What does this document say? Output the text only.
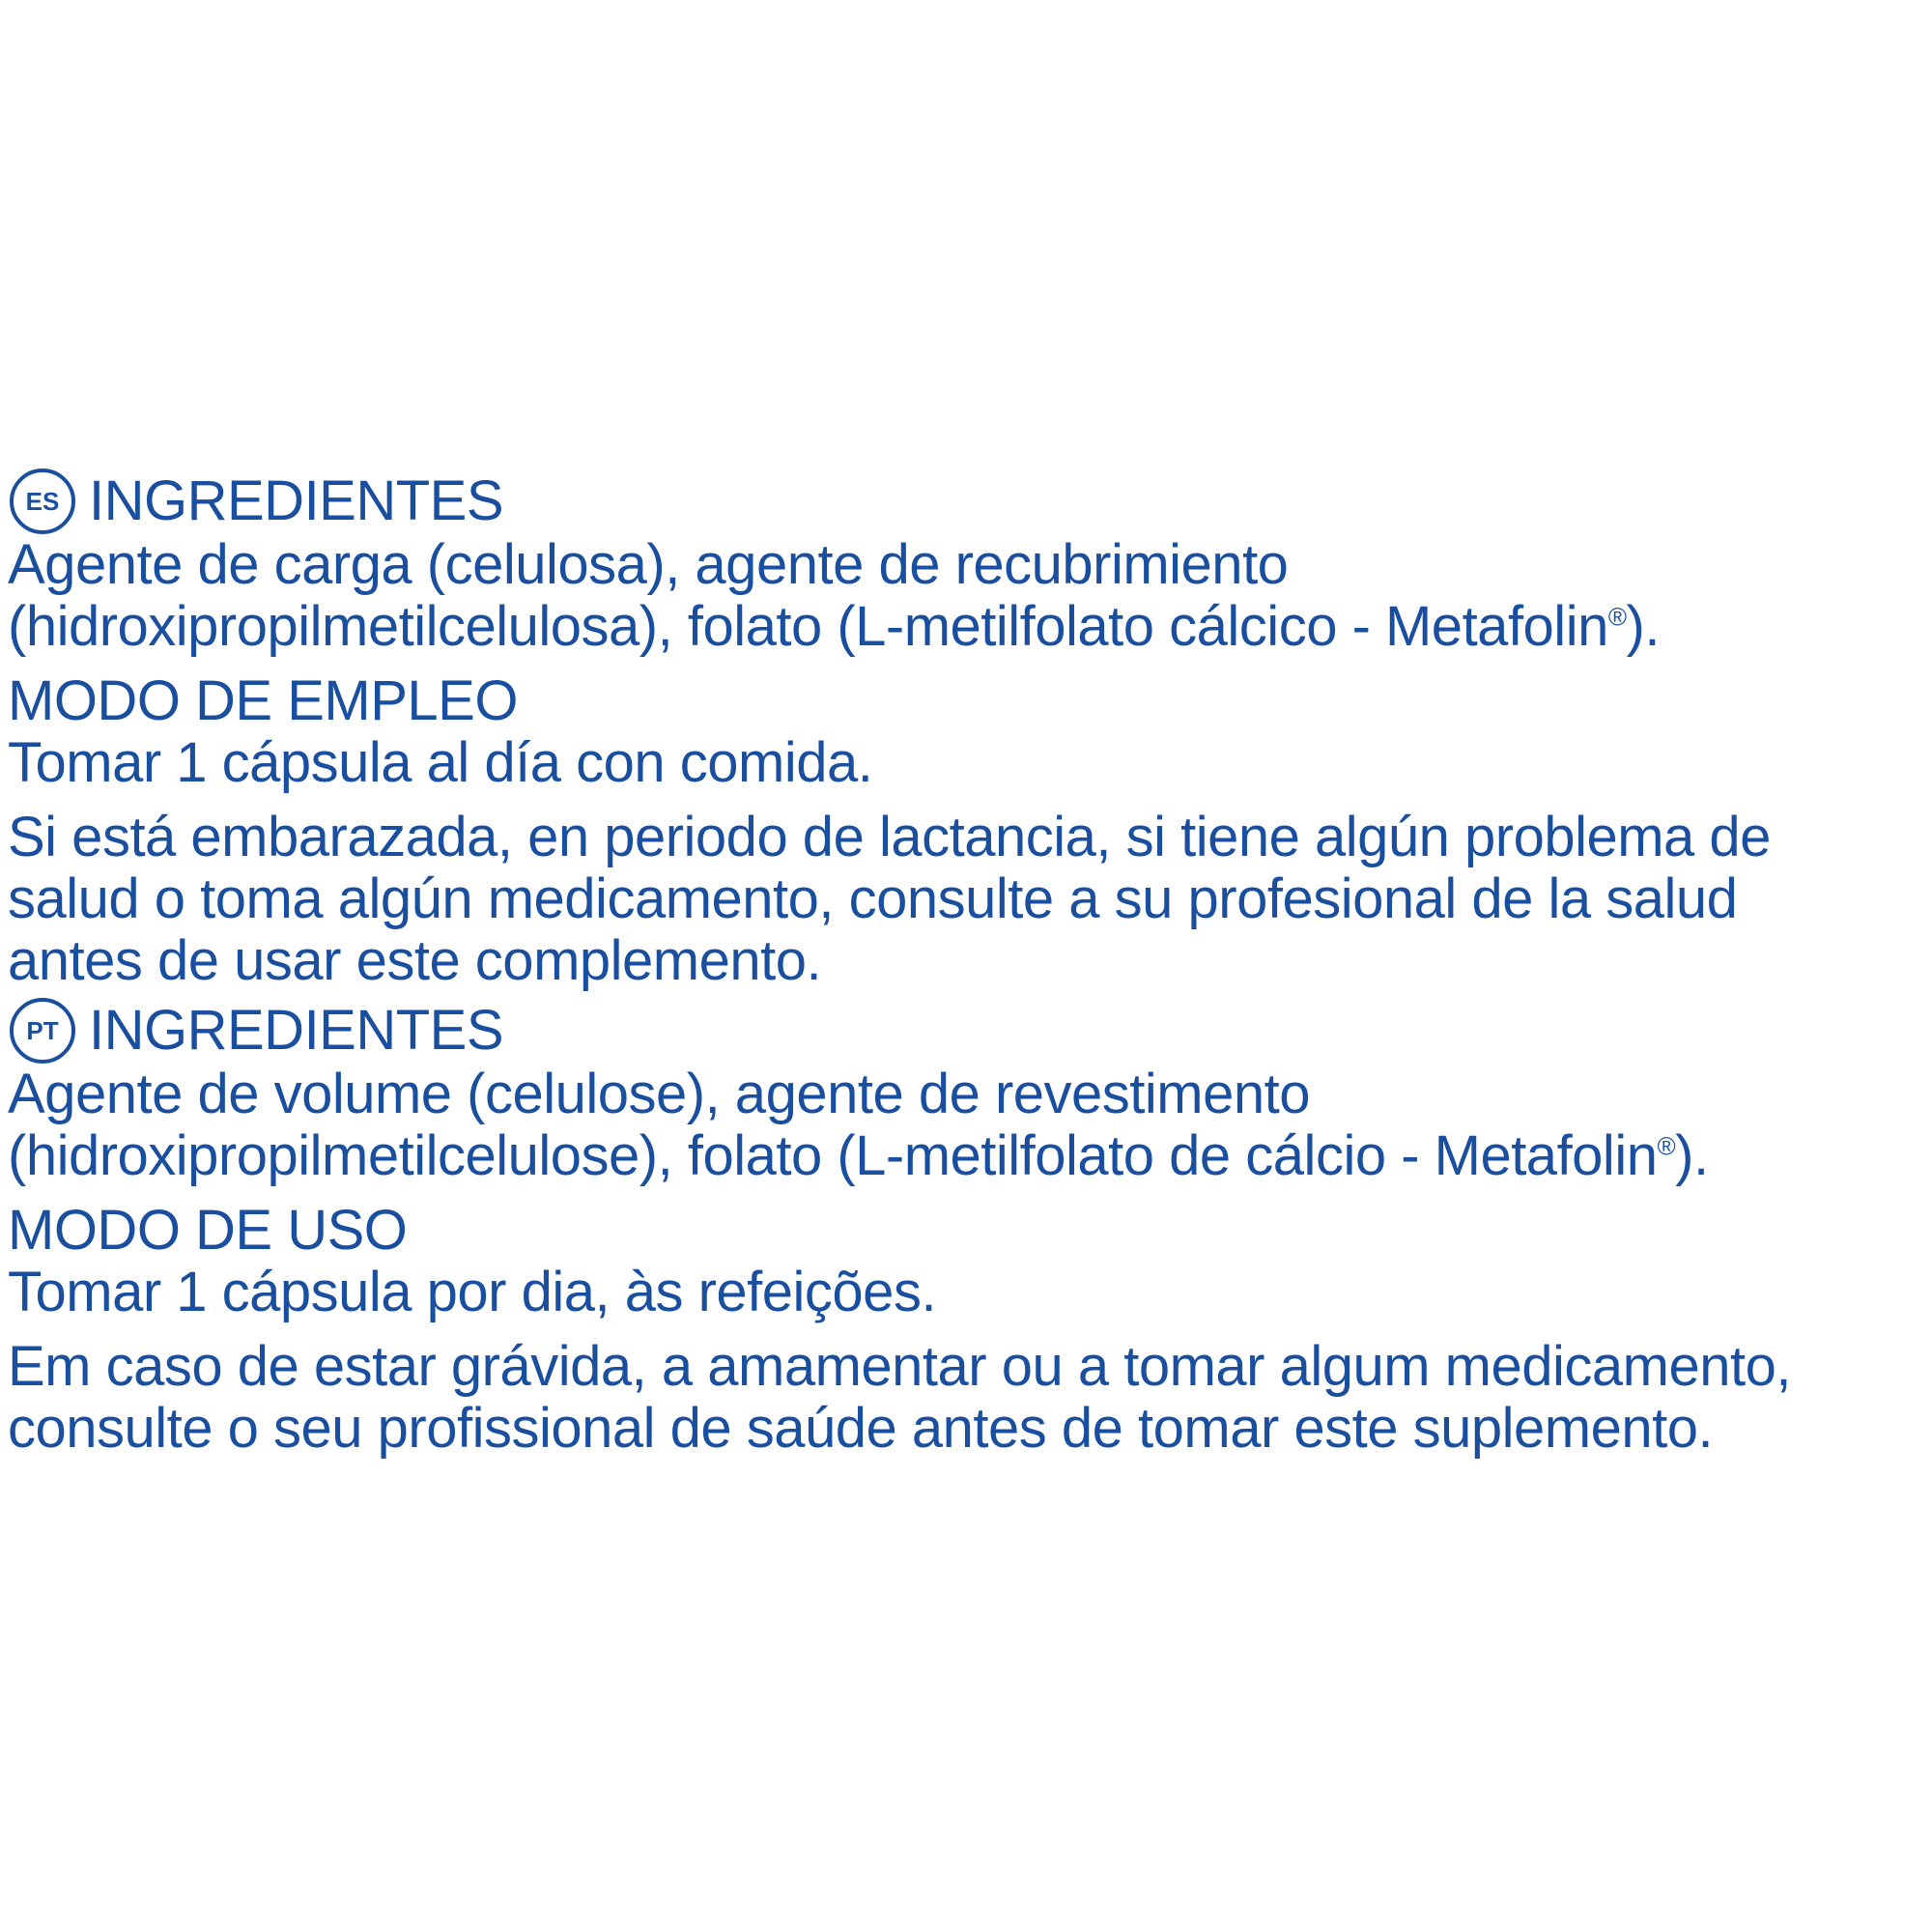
ES INGREDIENTES
Agente de carga (celulosa), agente de recubrimiento
(hidroxipropilmetilcelulosa), folato (L-metilfolato cálcico - Metafolin®).
MODO DE EMPLEO
Tomar 1 cápsula al día con comida.
Si está embarazada, en periodo de lactancia, si tiene algún problema de
salud o toma algún medicamento, consulte a su profesional de la salud
antes de usar este complemento.
PT INGREDIENTES
Agente de volume (celulose), agente de revestimento
(hidroxipropilmetilcelulose), folato (L-metilfolato de cálcio - Metafolin®).
MODO DE USO
Tomar 1 cápsula por dia, às refeições.
Em caso de estar grávida, a amamentar ou a tomar algum medicamento,
consulte o seu profissional de saúde antes de tomar este suplemento.
